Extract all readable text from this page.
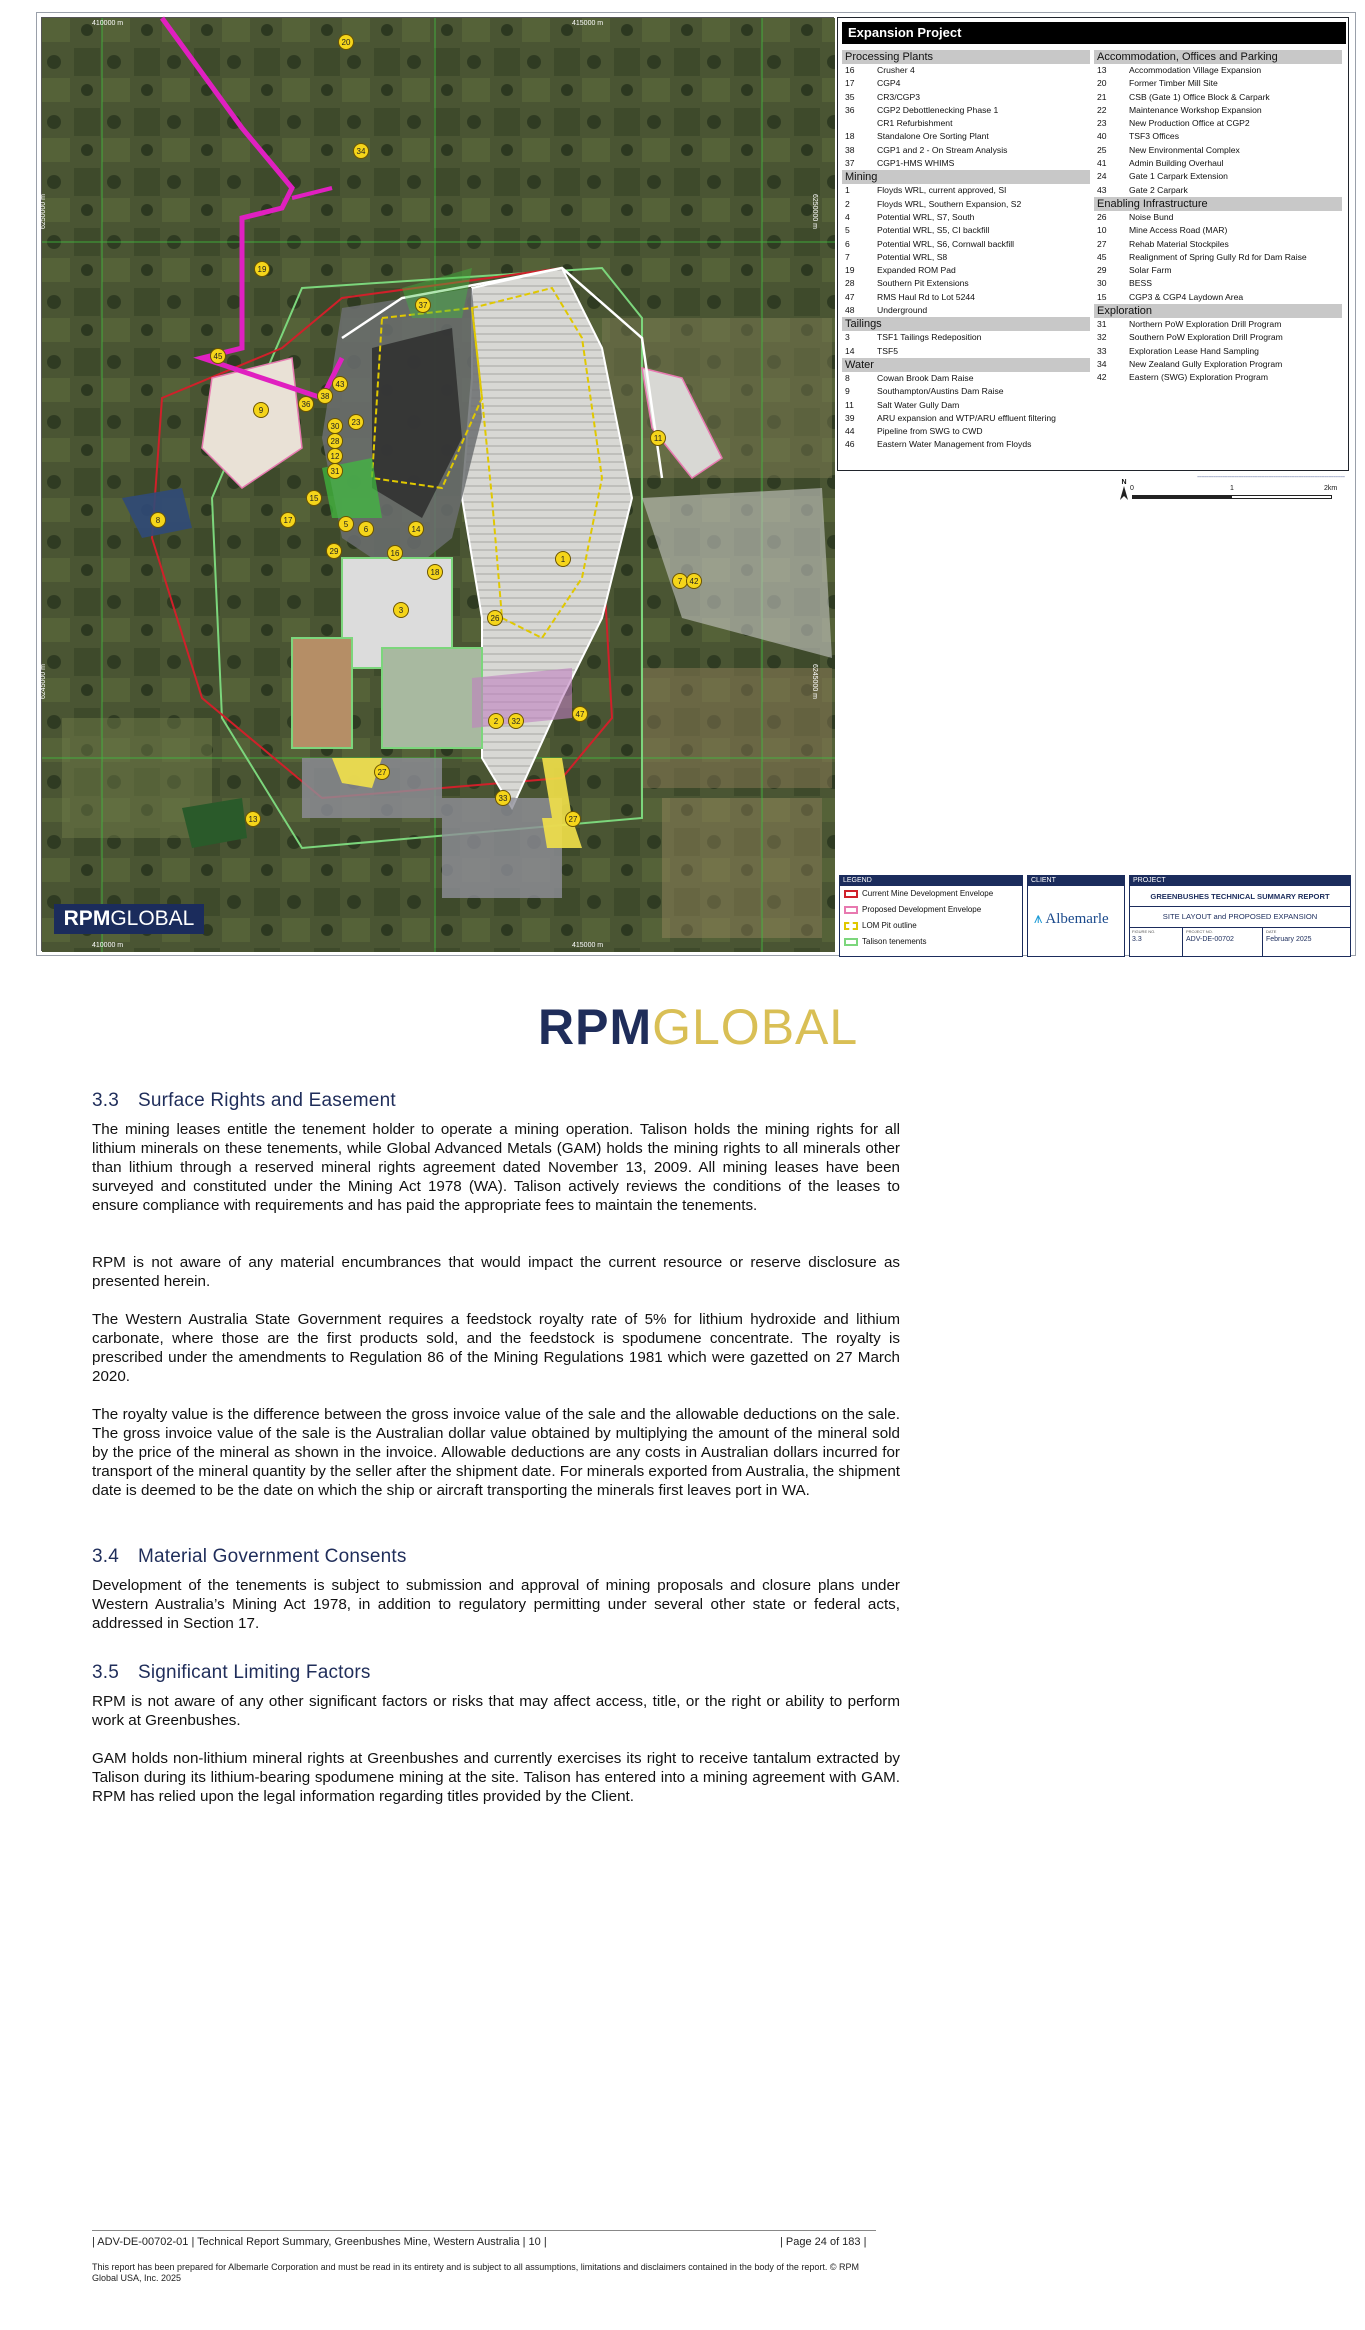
410000 m	415000 m
410000 m	415000 m
6250000 m
6245000 m
6250000 m
6245000 m
20
34
19
37
45
9
36
8	17
15
16
29
14
5
6
38
18
3
1
26
11
7 42
2	32
47
27
33
27
13
43
12
28
30
31
23
RPMGLOBAL
Expansion Project
Processing Plants
16	Crusher 4
17	CGP4
35	CR3/CGP3
36	CGP2 Debottlenecking Phase 1
CR1 Refurbishment
18	Standalone Ore Sorting Plant
38	CGP1 and 2 - On Stream Analysis
37	CGP1-HMS WHIMS
Mining
1	Floyds WRL, current approved, SI
2	Floyds WRL, Southern Expansion, S2
4	Potential WRL, S7, South
5	Potential WRL, S5, CI backfill
6	Potential WRL, S6, Cornwall backfill
7	Potential WRL, S8
19	Expanded ROM Pad
28	Southern Pit Extensions
47	RMS Haul Rd to Lot 5244
48	Underground
Tailings
3	TSF1 Tailings Redeposition
14	TSF5
Water
8	Cowan Brook Dam Raise
9	Southampton/Austins Dam Raise
11	Salt Water Gully Dam
39	ARU expansion and WTP/ARU effluent filtering
44	Pipeline from SWG to CWD
46	Eastern Water Management from Floyds
Accommodation, Offices and Parking
13	Accommodation Village Expansion
20	Former Timber Mill Site
21	CSB (Gate 1) Office Block & Carpark
22	Maintenance Workshop Expansion
23	New Production Office at CGP2
40	TSF3 Offices
25	New Environmental Complex
41	Admin Building Overhaul
24	Gate 1 Carpark Extension
43	Gate 2 Carpark
Enabling Infrastructure
26	Noise Bund
10	Mine Access Road (MAR)
27	Rehab Material Stockpiles
45	Realignment of Spring Gully Rd for Dam Raise
29	Solar Farm
30	BESS
15	CGP3 & CGP4 Laydown Area
Exploration
31	Northern PoW Exploration Drill Program
32	Southern PoW Exploration Drill Program
33	Exploration Lease Hand Sampling
34	New Zealand Gully Exploration Program
42	Eastern (SWG) Exploration Program
━━━━━━━━━━━━━━━━━━━━━━━━━━━━━━━━━━━━━━━━━━━━━━━━━━━━━━━━━━━━━━━━
N
0	1	2km
LEGEND
Current Mine Development Envelope
Proposed Development Envelope
LOM Pit outline
Talison tenements
CLIENT
⩚ Albemarle
PROJECT
GREENBUSHES TECHNICAL SUMMARY REPORT
SITE LAYOUT and PROPOSED EXPANSION
FIGURE NO.
3.3
PROJECT NO.
ADV-DE-00702
DATE
February 2025
RPMGLOBAL
3.3 Surface Rights and Easement
The mining leases entitle the tenement holder to operate a mining operation. Talison holds the mining rights for all lithium minerals on these tenements, while Global Advanced Metals (GAM) holds the mining rights to all minerals other than lithium through a reserved mineral rights agreement dated November 13, 2009. All mining leases have been surveyed and constituted under the Mining Act 1978 (WA). Talison actively reviews the conditions of the leases to ensure compliance with requirements and has paid the appropriate fees to maintain the tenements.
RPM is not aware of any material encumbrances that would impact the current resource or reserve disclosure as presented herein.
The Western Australia State Government requires a feedstock royalty rate of 5% for lithium hydroxide and lithium carbonate, where those are the first products sold, and the feedstock is spodumene concentrate. The royalty is prescribed under the amendments to Regulation 86 of the Mining Regulations 1981 which were gazetted on 27 March 2020.
The royalty value is the difference between the gross invoice value of the sale and the allowable deductions on the sale. The gross invoice value of the sale is the Australian dollar value obtained by multiplying the amount of the mineral sold by the price of the mineral as shown in the invoice. Allowable deductions are any costs in Australian dollars incurred for transport of the mineral quantity by the seller after the shipment date. For minerals exported from Australia, the shipment date is deemed to be the date on which the ship or aircraft transporting the minerals first leaves port in WA.
3.4 Material Government Consents
Development of the tenements is subject to submission and approval of mining proposals and closure plans under Western Australia’s Mining Act 1978, in addition to regulatory permitting under several other state or federal acts, addressed in Section 17.
3.5 Significant Limiting Factors
RPM is not aware of any other significant factors or risks that may affect access, title, or the right or ability to perform work at Greenbushes.
GAM holds non-lithium mineral rights at Greenbushes and currently exercises its right to receive tantalum extracted by Talison during its lithium-bearing spodumene mining at the site. Talison has entered into a mining agreement with GAM. RPM has relied upon the legal information regarding titles provided by the Client.
| ADV-DE-00702-01 | Technical Report Summary, Greenbushes Mine, Western Australia | 10 |	| Page 24 of 183 |
This report has been prepared for Albemarle Corporation and must be read in its entirety and is subject to all assumptions, limitations and disclaimers contained in the body of the report. © RPM Global USA, Inc. 2025
